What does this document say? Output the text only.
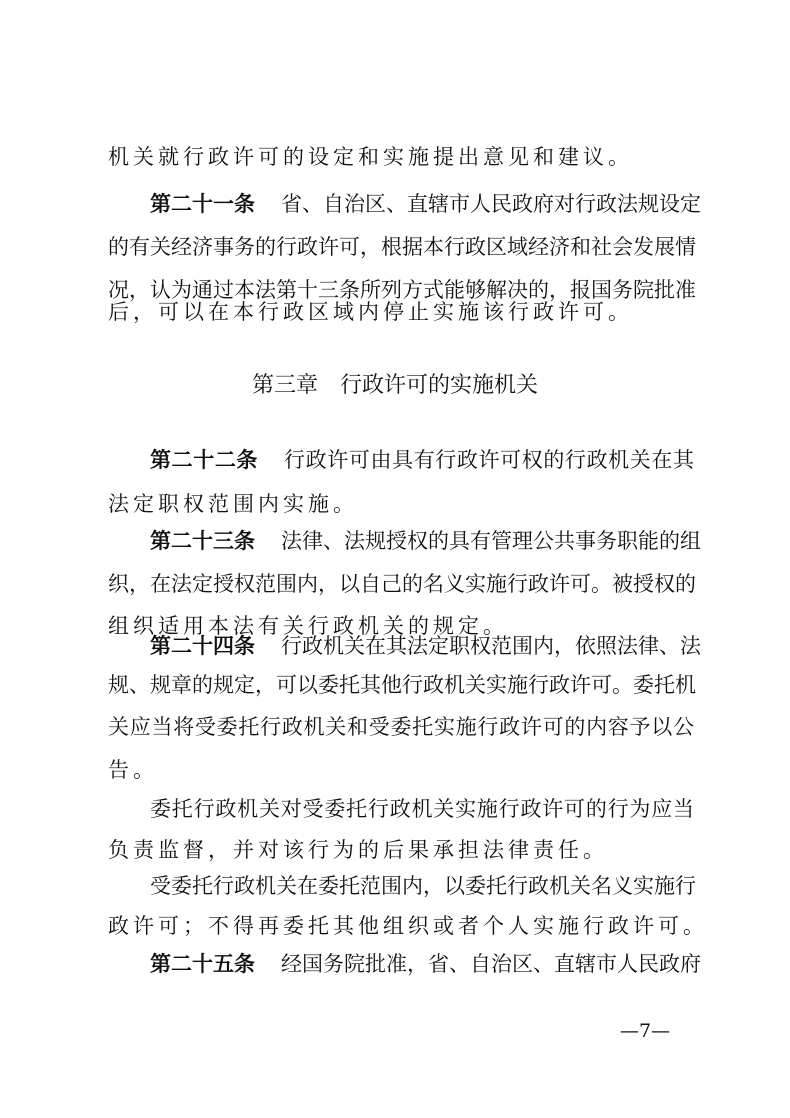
机关就行政许可的设定和实施提出意见和建议。
第二十一条 省、自治区、直辖市人民政府对行政法规设定
的有关经济事务的行政许可，根据本行政区域经济和社会发展情
况，认为通过本法第十三条所列方式能够解决的，报国务院批准
后，可以在本行政区域内停止实施该行政许可。
第三章 行政许可的实施机关
第二十二条 行政许可由具有行政许可权的行政机关在其
法定职权范围内实施。
第二十三条 法律、法规授权的具有管理公共事务职能的组
织，在法定授权范围内，以自己的名义实施行政许可。被授权的
组织适用本法有关行政机关的规定。
第二十四条 行政机关在其法定职权范围内，依照法律、法
规、规章的规定，可以委托其他行政机关实施行政许可。委托机
关应当将受委托行政机关和受委托实施行政许可的内容予以公
告。
委托行政机关对受委托行政机关实施行政许可的行为应当
负责监督，并对该行为的后果承担法律责任。
受委托行政机关在委托范围内，以委托行政机关名义实施行
政许可；不得再委托其他组织或者个人实施行政许可。
第二十五条 经国务院批准，省、自治区、直辖市人民政府
—7—
